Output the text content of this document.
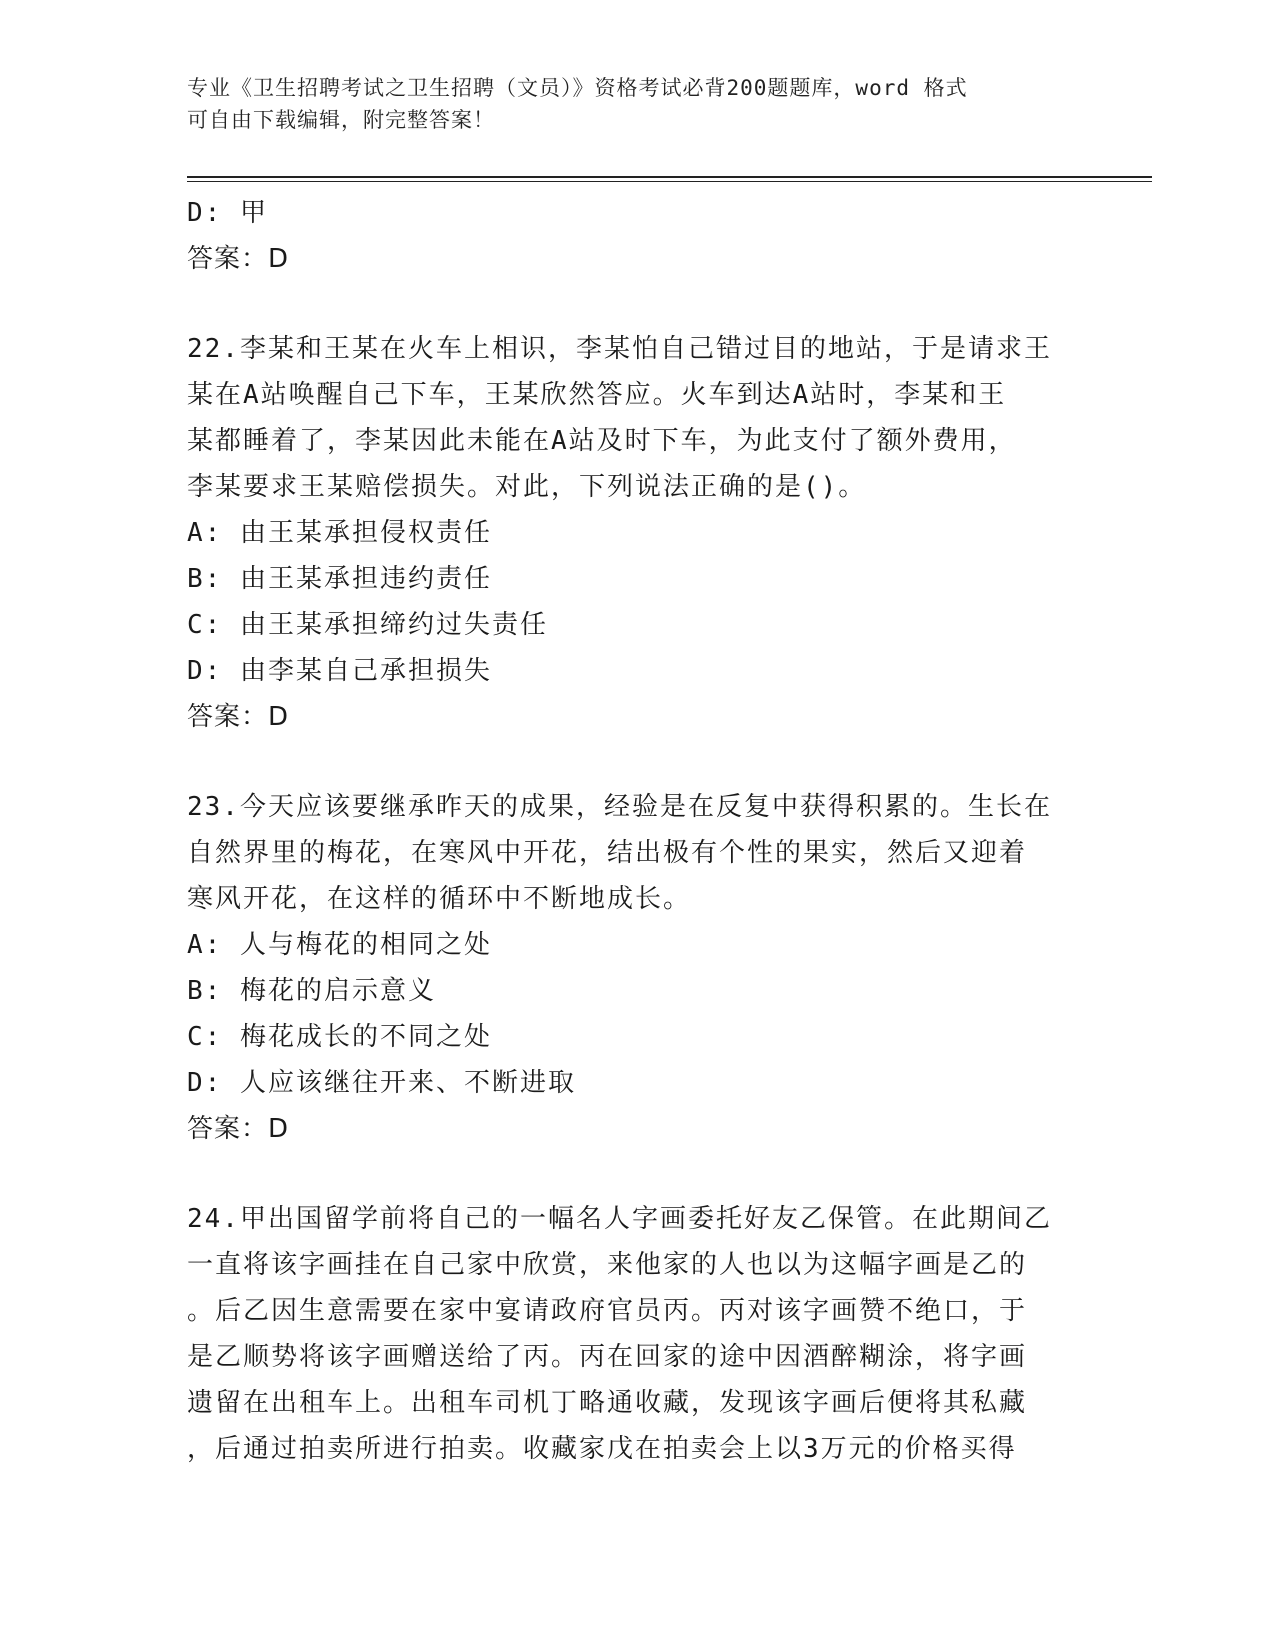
专业《卫生招聘考试之卫生招聘（文员）》资格考试必背200题题库，word 格式
可自由下载编辑，附完整答案！
D: 甲
答案：D
22.李某和王某在火车上相识，李某怕自己错过目的地站，于是请求王
某在A站唤醒自己下车，王某欣然答应。火车到达A站时，李某和王
某都睡着了，李某因此未能在A站及时下车，为此支付了额外费用，
李某要求王某赔偿损失。对此，下列说法正确的是()。
A: 由王某承担侵权责任
B: 由王某承担违约责任
C: 由王某承担缔约过失责任
D: 由李某自己承担损失
答案：D
23.今天应该要继承昨天的成果，经验是在反复中获得积累的。生长在
自然界里的梅花，在寒风中开花，结出极有个性的果实，然后又迎着
寒风开花，在这样的循环中不断地成长。
A: 人与梅花的相同之处
B: 梅花的启示意义
C: 梅花成长的不同之处
D: 人应该继往开来、不断进取
答案：D
24.甲出国留学前将自己的一幅名人字画委托好友乙保管。在此期间乙
一直将该字画挂在自己家中欣赏，来他家的人也以为这幅字画是乙的
。后乙因生意需要在家中宴请政府官员丙。丙对该字画赞不绝口，于
是乙顺势将该字画赠送给了丙。丙在回家的途中因酒醉糊涂，将字画
遗留在出租车上。出租车司机丁略通收藏，发现该字画后便将其私藏
，后通过拍卖所进行拍卖。收藏家戊在拍卖会上以3万元的价格买得
